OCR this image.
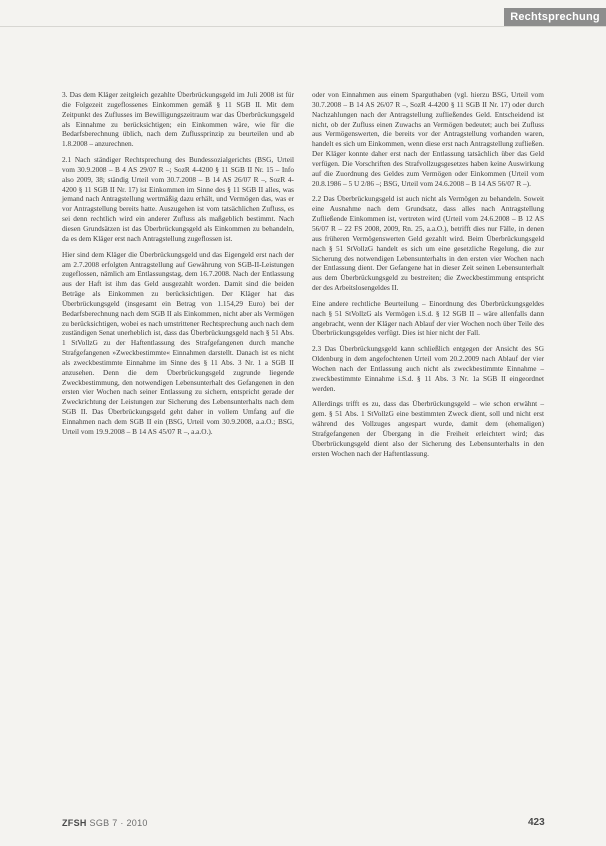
Rechtsprechung

3. Das dem Kläger zeitgleich gezahlte Überbrückungsgeld im Juli 2008 ist für die Folgezeit zugeflossenes Einkommen gemäß § 11 SGB II. Mit dem Zeitpunkt des Zuflusses im Bewilligungszeitraum war das Überbrückungsgeld als Einnahme zu berücksichtigen; ein Einkommen wäre, wie für die Bedarfsberechnung üblich, nach dem Zuflussprinzip zu beurteilen und ab 1.8.2008 – anzurechnen.

2.1 Nach ständiger Rechtsprechung des Bundessozialgerichts (BSG, Urteil vom 30.9.2008 – B 4 AS 29/07 R –; SozR 4-4200 § 11 SGB II Nr. 15 – Info also 2009, 38; ständig Urteil vom 30.7.2008 – B 14 AS 26/07 R –, SozR 4-4200 § 11 SGB II Nr. 17) ist Einkommen im Sinne des § 11 SGB II alles, was jemand nach Antragstellung wertmäßig dazu erhält, und Vermögen das, was er vor Antragstellung bereits hatte. Auszugehen ist vom tatsächlichen Zufluss, es sei denn rechtlich wird ein anderer Zufluss als maßgeblich bestimmt. Nach diesen Grundsätzen ist das Überbrückungsgeld als Einkommen zu behandeln, da es dem Kläger erst nach Antragstellung zugeflossen ist.

Hier sind dem Kläger die Überbrückungsgeld und das Eigengeld erst nach der am 2.7.2008 erfolgten Antragstellung auf Gewährung von SGB-II-Leistungen zugeflossen, nämlich am Entlassungstag, dem 16.7.2008. Nach der Entlassung aus der Haft ist ihm das Geld ausgezahlt worden. Damit sind die beiden Beträge als Einkommen zu berücksichtigen. Der Kläger hat das Überbrückungsgeld (insgesamt ein Betrag von 1.154,29 Euro) bei der Bedarfsberechnung nach dem SGB II als Einkommen, nicht aber als Vermögen zu berücksichtigen, wobei es nach umstrittener Rechtsprechung auch nach dem zuständigen Senat unerheblich ist, dass das Überbrückungsgeld nach § 51 Abs. 1 StVollzG zu der Haftentlassung des Strafgefangenen durch manche Strafgefangenen »Zweckbestimmte« Einnahmen darstellt. Danach ist es nicht als zweckbestimmte Einnahme im Sinne des § 11 Abs. 3 Nr. 1 a SGB II anzusehen. Denn die dem Überbrückungsgeld zugrunde liegende Zweckbestimmung, den notwendigen Lebensunterhalt des Gefangenen in den ersten vier Wochen nach seiner Entlassung zu sichern, entspricht gerade der Zweckrichtung der Leistungen zur Sicherung des Lebensunterhalts nach dem SGB II. Das Überbrückungsgeld geht daher in vollem Umfang auf die Einnahmen nach dem SGB II ein (BSG, Urteil vom 30.9.2008, a.a.O.; BSG, Urteil vom 19.9.2008 – B 14 AS 45/07 R –, a.a.O.).

oder von Einnahmen aus einem Sparguthaben (vgl. hierzu BSG, Urteil vom 30.7.2008 – B 14 AS 26/07 R –, SozR 4-4200 § 11 SGB II Nr. 17) oder durch Nachzahlungen nach der Antragstellung zufließendes Geld. Entscheidend ist nicht, ob der Zufluss einen Zuwachs an Vermögen bedeutet; auch bei Zufluss aus Vermögenswerten, die bereits vor der Antragstellung vorhanden waren, handelt es sich um Einkommen, wenn diese erst nach Antragstellung zufließen. Der Kläger konnte daher erst nach der Entlassung tatsächlich über das Geld verfügen. Die Vorschriften des Strafvollzugsgesetzes haben keine Auswirkung auf die Zuordnung des Geldes zum Vermögen oder Einkommen (Urteil vom 20.8.1986 – 5 U 2/86 –; BSG, Urteil vom 24.6.2008 – B 14 AS 56/07 R –).

2.2 Das Überbrückungsgeld ist auch nicht als Vermögen zu behandeln. Soweit eine Ausnahme nach dem Grundsatz, dass alles nach Antragstellung Zufließende Einkommen ist, vertreten wird (Urteil vom 24.6.2008 – B 12 AS 56/07 R – 22 FS 2008, 2009, Rn. 25, a.a.O.), betrifft dies nur Fälle, in denen aus früheren Vermögenswerten Geld gezahlt wird. Beim Überbrückungsgeld nach § 51 StVollzG handelt es sich um eine gesetzliche Regelung, die zur Sicherung des notwendigen Lebensunterhalts in den ersten vier Wochen nach der Entlassung dient. Der Gefangene hat in dieser Zeit seinen Lebensunterhalt aus dem Überbrückungsgeld zu bestreiten; die Zweckbestimmung entspricht der des Arbeitslosengeldes II.

Eine andere rechtliche Beurteilung – Einordnung des Überbrückungsgeldes nach § 51 StVollzG als Vermögen i.S.d. § 12 SGB II – wäre allenfalls dann angebracht, wenn der Kläger nach Ablauf der vier Wochen noch über Teile des Überbrückungsgeldes verfügt. Dies ist hier nicht der Fall.

2.3 Das Überbrückungsgeld kann schließlich entgegen der Ansicht des SG Oldenburg in dem angefochtenen Urteil vom 20.2.2009 nach Ablauf der vier Wochen nach der Entlassung auch nicht als zweckbestimmte Einnahme – zweckbestimmte Einnahme i.S.d. § 11 Abs. 3 Nr. 1a SGB II eingeordnet werden.

Allerdings trifft es zu, dass das Überbrückungsgeld – wie schon erwähnt – gem. § 51 Abs. 1 StVollzG eine bestimmten Zweck dient, soll und nicht erst während des Vollzuges angespart wurde, damit dem (ehemaligen) Strafgefangenen der Übergang in die Freiheit erleichtert wird; das Überbrückungsgeld dient also der Sicherung des Lebensunterhalts in den ersten Wochen nach der Haftentlassung.

ZFSH SGB 7 · 2010	423
